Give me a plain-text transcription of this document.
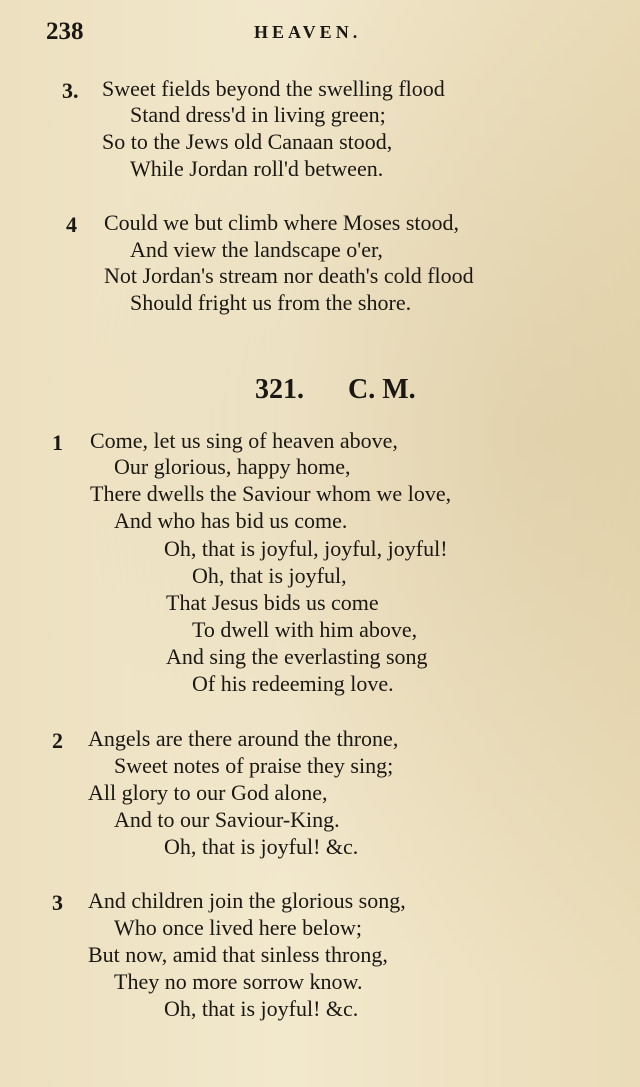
238	HEAVEN.
3. Sweet fields beyond the swelling flood
Stand dress'd in living green;
So to the Jews old Canaan stood,
While Jordan roll'd between.
4 Could we but climb where Moses stood,
And view the landscape o'er,
Not Jordan's stream nor death's cold flood
Should fright us from the shore.
321. C. M.
1 Come, let us sing of heaven above,
Our glorious, happy home,
There dwells the Saviour whom we love,
And who has bid us come.
Oh, that is joyful, joyful, joyful!
Oh, that is joyful,
That Jesus bids us come
To dwell with him above,
And sing the everlasting song
Of his redeeming love.
2 Angels are there around the throne,
Sweet notes of praise they sing;
All glory to our God alone,
And to our Saviour-King.
Oh, that is joyful! &c.
3 And children join the glorious song,
Who once lived here below;
But now, amid that sinless throng,
They no more sorrow know.
Oh, that is joyful! &c.
